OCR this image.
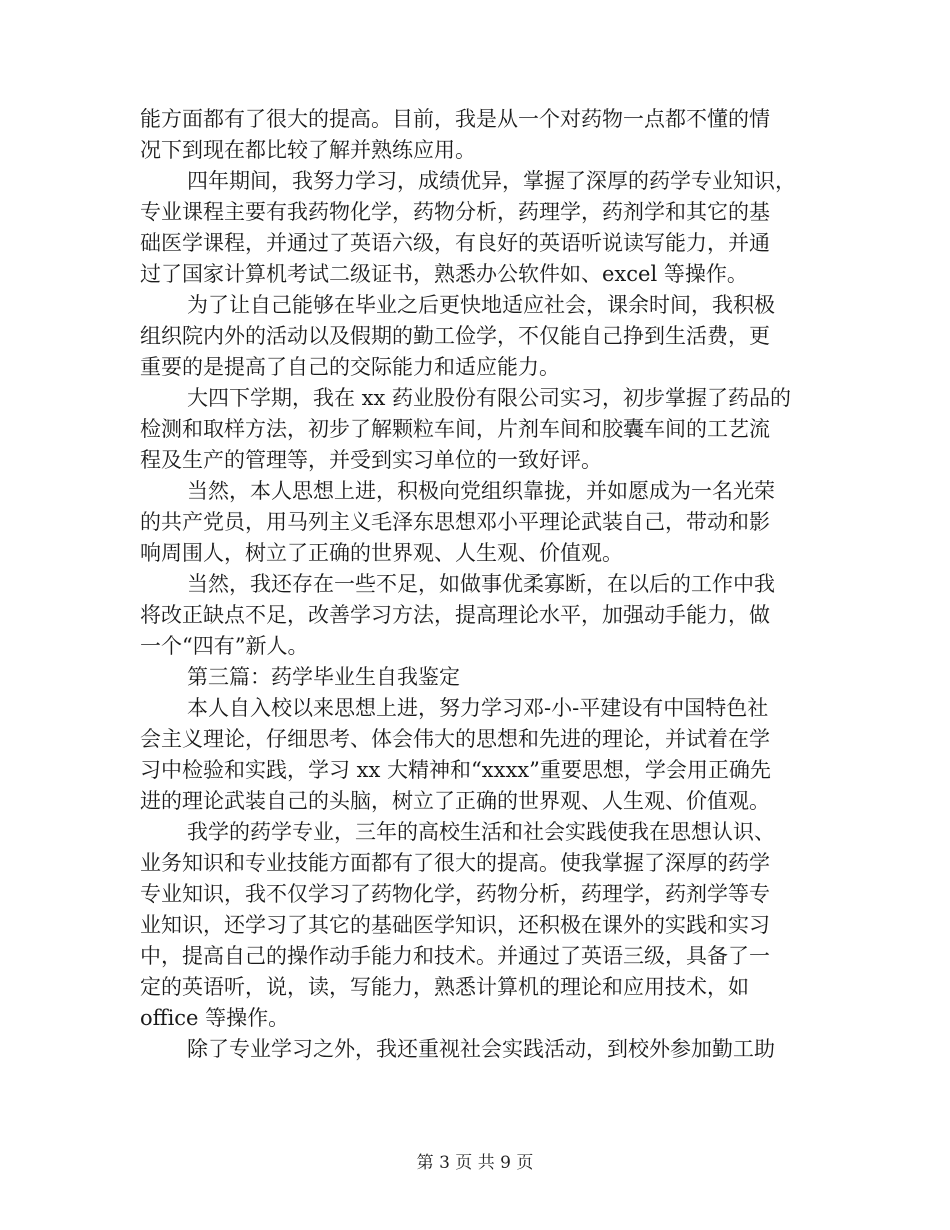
能方面都有了很大的提高。目前，我是从一个对药物一点都不懂的情
况下到现在都比较了解并熟练应用。
四年期间，我努力学习，成绩优异，掌握了深厚的药学专业知识，
专业课程主要有我药物化学，药物分析，药理学，药剂学和其它的基
础医学课程，并通过了英语六级，有良好的英语听说读写能力，并通
过了国家计算机考试二级证书，熟悉办公软件如、excel 等操作。
为了让自己能够在毕业之后更快地适应社会，课余时间，我积极
组织院内外的活动以及假期的勤工俭学，不仅能自己挣到生活费，更
重要的是提高了自己的交际能力和适应能力。
大四下学期，我在 xx 药业股份有限公司实习，初步掌握了药品的
检测和取样方法，初步了解颗粒车间，片剂车间和胶囊车间的工艺流
程及生产的管理等，并受到实习单位的一致好评。
当然，本人思想上进，积极向党组织靠拢，并如愿成为一名光荣
的共产党员，用马列主义毛泽东思想邓小平理论武装自己，带动和影
响周围人，树立了正确的世界观、人生观、价值观。
当然，我还存在一些不足，如做事优柔寡断，在以后的工作中我
将改正缺点不足，改善学习方法，提高理论水平，加强动手能力，做
一个“四有”新人。
第三篇：药学毕业生自我鉴定
本人自入校以来思想上进，努力学习邓-小-平建设有中国特色社
会主义理论，仔细思考、体会伟大的思想和先进的理论，并试着在学
习中检验和实践，学习 xx 大精神和“xxxx”重要思想，学会用正确先
进的理论武装自己的头脑，树立了正确的世界观、人生观、价值观。
我学的药学专业，三年的高校生活和社会实践使我在思想认识、
业务知识和专业技能方面都有了很大的提高。使我掌握了深厚的药学
专业知识，我不仅学习了药物化学，药物分析，药理学，药剂学等专
业知识，还学习了其它的基础医学知识，还积极在课外的实践和实习
中，提高自己的操作动手能力和技术。并通过了英语三级，具备了一
定的英语听，说，读，写能力，熟悉计算机的理论和应用技术，如
office 等操作。
除了专业学习之外，我还重视社会实践活动，到校外参加勤工助
第 3 页 共 9 页
